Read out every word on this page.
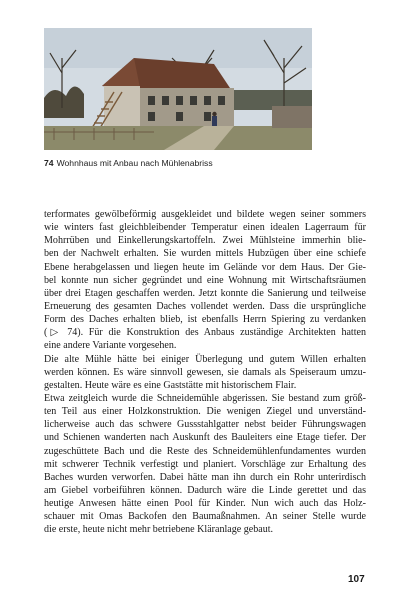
74 Wohnhaus mit Anbau nach Mühlenabriss
terformates gewölbeförmig ausgekleidet und bildete wegen seiner sommers
wie winters fast gleichbleibender Temperatur einen idealen Lagerraum für
Mohrrüben und Einkellerungskartoffeln. Zwei Mühlsteine immerhin blie-
ben der Nachwelt erhalten. Sie wurden mittels Hubzügen über eine schiefe
Ebene herabgelassen und liegen heute im Gelände vor dem Haus. Der Gie-
bel konnte nun sicher gegründet und eine Wohnung mit Wirtschaftsräumen
über drei Etagen geschaffen werden. Jetzt konnte die Sanierung und teilweise
Erneuerung des gesamten Daches vollendet werden. Dass die ursprüngliche
Form des Daches erhalten blieb, ist ebenfalls Herrn Spiering zu verdanken
(▷ 74). Für die Konstruktion des Anbaus zuständige Architekten hatten
eine andere Variante vorgesehen.
Die alte Mühle hätte bei einiger Überlegung und gutem Willen erhalten
werden können. Es wäre sinnvoll gewesen, sie damals als Speiseraum umzu-
gestalten. Heute wäre es eine Gaststätte mit historischem Flair.
Etwa zeitgleich wurde die Schneidemühle abgerissen. Sie bestand zum größ-
ten Teil aus einer Holzkonstruktion. Die wenigen Ziegel und unverständ-
licherweise auch das schwere Gussstahlgatter nebst beider Führungswagen
und Schienen wanderten nach Auskunft des Bauleiters eine Etage tiefer. Der
zugeschüttete Bach und die Reste des Schneidemühlenfundamentes wurden
mit schwerer Technik verfestigt und planiert. Vorschläge zur Erhaltung des
Baches wurden verworfen. Dabei hätte man ihn durch ein Rohr unterirdisch
am Giebel vorbeiführen können. Dadurch wäre die Linde gerettet und das
heutige Anwesen hätte einen Pool für Kinder. Nun wich auch das Holz-
schauer mit Omas Backofen den Baumaßnahmen. An seiner Stelle wurde
die erste, heute nicht mehr betriebene Kläranlage gebaut.
107
